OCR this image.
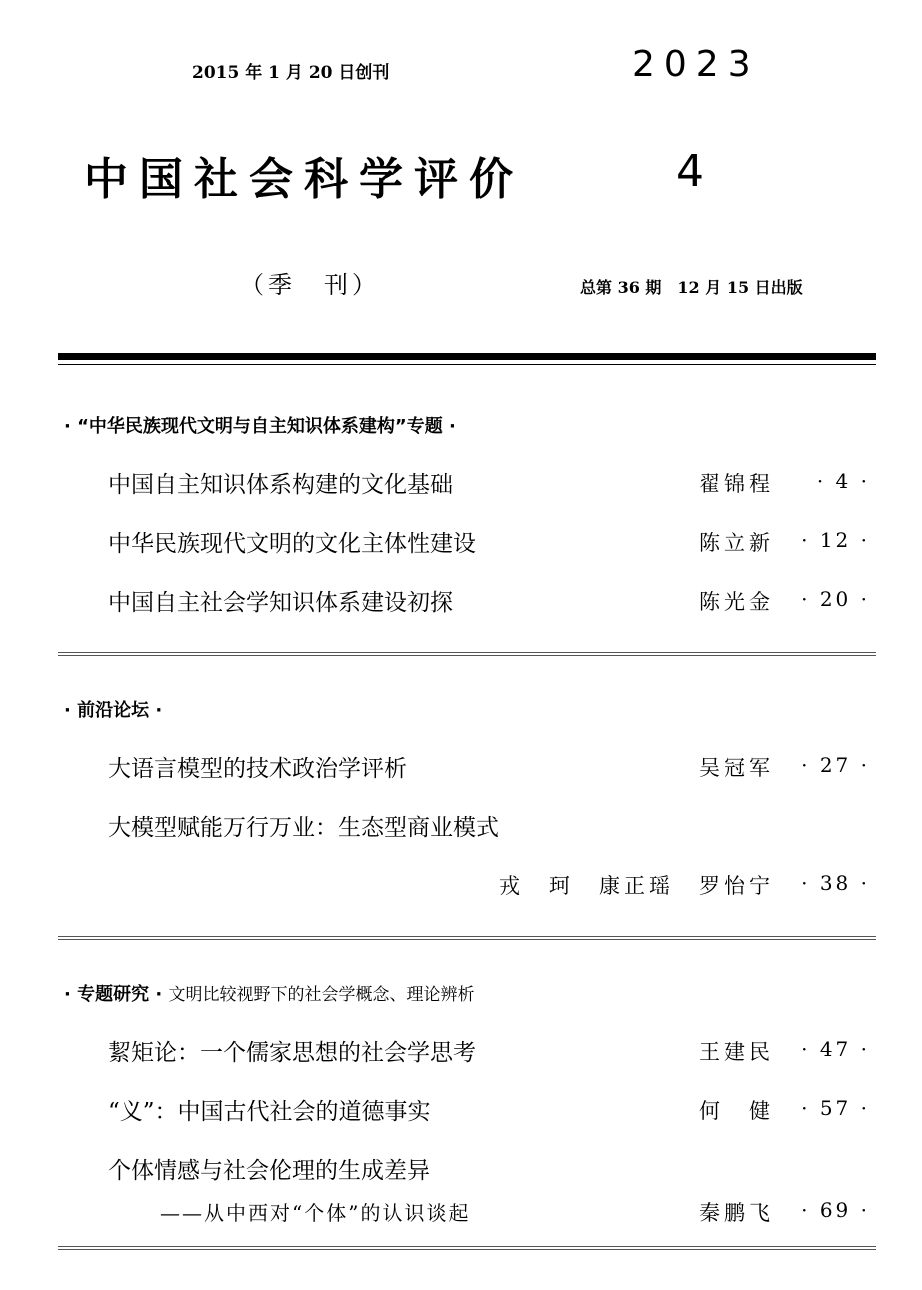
2015 年 1 月 20 日创刊	2023
中国社会科学评价	4
（季　刊）	总第 36 期　12 月 15 日出版
· “中华民族现代文明与自主知识体系建构”专题 ·
中国自主知识体系构建的文化基础	翟锦程 · 4 ·
中华民族现代文明的文化主体性建设	陈立新 · 12 ·
中国自主社会学知识体系建设初探	陈光金 · 20 ·
· 前沿论坛 ·
大语言模型的技术政治学评析	吴冠军 · 27 ·
大模型赋能万行万业：生态型商业模式
戎　珂　康正瑶　罗怡宁 · 38 ·
· 专题研究 · 文明比较视野下的社会学概念、理论辨析
絜矩论：一个儒家思想的社会学思考	王建民 · 47 ·
“义”：中国古代社会的道德事实	何　健 · 57 ·
个体情感与社会伦理的生成差异
——从中西对“个体”的认识谈起	秦鹏飞 · 69 ·
